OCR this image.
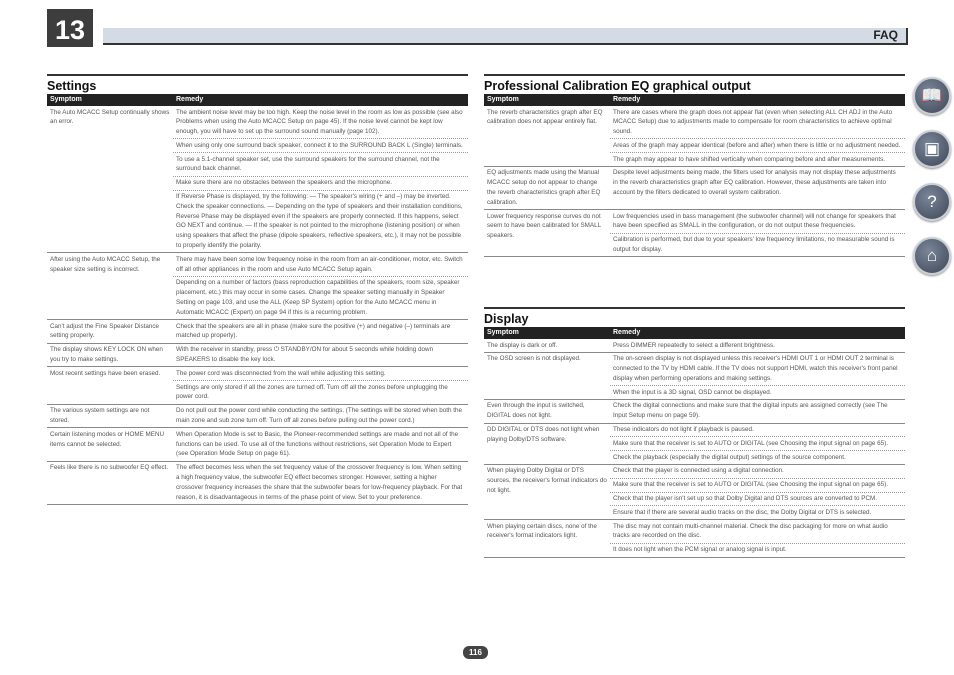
13	FAQ
Settings
Symptom	Remedy
The Auto MCACC Setup continually shows an error.	The ambient noise level may be too high. Keep the noise level in the room as low as possible (see also Problems when using the Auto MCACC Setup on page 45). If the noise level cannot be kept low enough, you will have to set up the surround sound manually (page 102).
	When using only one surround back speaker, connect it to the SURROUND BACK L (Single) terminals.
	To use a 5.1-channel speaker set, use the surround speakers for the surround channel, not the surround back channel.
	Make sure there are no obstacles between the speakers and the microphone.
	If Reverse Phase is displayed, try the following: — The speaker's wiring (+ and –) may be inverted. Check the speaker connections. — Depending on the type of speakers and their installation conditions, Reverse Phase may be displayed even if the speakers are properly connected. If this happens, select GO NEXT and continue. — If the speaker is not pointed to the microphone (listening position) or when using speakers that affect the phase (dipole speakers, reflective speakers, etc.), it may not be possible to properly identify the polarity.
After using the Auto MCACC Setup, the speaker size setting is incorrect.	There may have been some low frequency noise in the room from an air-conditioner, motor, etc. Switch off all other appliances in the room and use Auto MCACC Setup again.
	Depending on a number of factors (bass reproduction capabilities of the speakers, room size, speaker placement, etc.) this may occur in some cases. Change the speaker setting manually in Speaker Setting on page 103, and use the ALL (Keep SP System) option for the Auto MCACC menu in Automatic MCACC (Expert) on page 94 if this is a recurring problem.
Can't adjust the Fine Speaker Distance setting properly.	Check that the speakers are all in phase (make sure the positive (+) and negative (–) terminals are matched up properly).
The display shows KEY LOCK ON when you try to make settings.	With the receiver in standby, press ⏻ STANDBY/ON for about 5 seconds while holding down SPEAKERS to disable the key lock.
Most recent settings have been erased.	The power cord was disconnected from the wall while adjusting this setting.
	Settings are only stored if all the zones are turned off. Turn off all the zones before unplugging the power cord.
The various system settings are not stored.	Do not pull out the power cord while conducting the settings. (The settings will be stored when both the main zone and sub zone turn off. Turn off all zones before pulling out the power cord.)
Certain listening modes or HOME MENU items cannot be selected.	When Operation Mode is set to Basic, the Pioneer-recommended settings are made and not all of the functions can be used. To use all of the functions without restrictions, set Operation Mode to Expert (see Operation Mode Setup on page 61).
Feels like there is no subwoofer EQ effect.	The effect becomes less when the set frequency value of the crossover frequency is low. When setting a high frequency value, the subwoofer EQ effect becomes stronger. However, setting a higher crossover frequency increases the share that the subwoofer bears for low-frequency playback. For that reason, it is disadvantageous in terms of the phase point of view. Set to your preference.
Professional Calibration EQ graphical output
Symptom	Remedy
The reverb characteristics graph after EQ calibration does not appear entirely flat.	There are cases where the graph does not appear flat (even when selecting ALL CH ADJ in the Auto MCACC Setup) due to adjustments made to compensate for room characteristics to achieve optimal sound.
	Areas of the graph may appear identical (before and after) when there is little or no adjustment needed.
	The graph may appear to have shifted vertically when comparing before and after measurements.
EQ adjustments made using the Manual MCACC setup do not appear to change the reverb characteristics graph after EQ calibration.	Despite level adjustments being made, the filters used for analysis may not display these adjustments in the reverb characteristics graph after EQ calibration. However, these adjustments are taken into account by the filters dedicated to overall system calibration.
Lower frequency response curves do not seem to have been calibrated for SMALL speakers.	Low frequencies used in bass management (the subwoofer channel) will not change for speakers that have been specified as SMALL in the configuration, or do not output these frequencies.
	Calibration is performed, but due to your speakers' low frequency limitations, no measurable sound is output for display.
Display
Symptom	Remedy
The display is dark or off.	Press DIMMER repeatedly to select a different brightness.
The OSD screen is not displayed.	The on-screen display is not displayed unless this receiver's HDMI OUT 1 or HDMI OUT 2 terminal is connected to the TV by HDMI cable. If the TV does not support HDMI, watch this receiver's front panel display when performing operations and making settings.
	When the input is a 3D signal, OSD cannot be displayed.
Even through the input is switched, DIGITAL does not light.	Check the digital connections and make sure that the digital inputs are assigned correctly (see The Input Setup menu on page 59).
DD DIGITAL or DTS does not light when playing Dolby/DTS software.	These indicators do not light if playback is paused.
	Make sure that the receiver is set to AUTO or DIGITAL (see Choosing the input signal on page 65).
	Check the playback (especially the digital output) settings of the source component.
When playing Dolby Digital or DTS sources, the receiver's format indicators do not light.	Check that the player is connected using a digital connection.
	Make sure that the receiver is set to AUTO or DIGITAL (see Choosing the input signal on page 65).
	Check that the player isn't set up so that Dolby Digital and DTS sources are converted to PCM.
	Ensure that if there are several audio tracks on the disc, the Dolby Digital or DTS is selected.
When playing certain discs, none of the receiver's format indicators light.	The disc may not contain multi-channel material. Check the disc packaging for more on what audio tracks are recorded on the disc.
	It does not light when the PCM signal or analog signal is input.
📖
▣
?
⌂
116
